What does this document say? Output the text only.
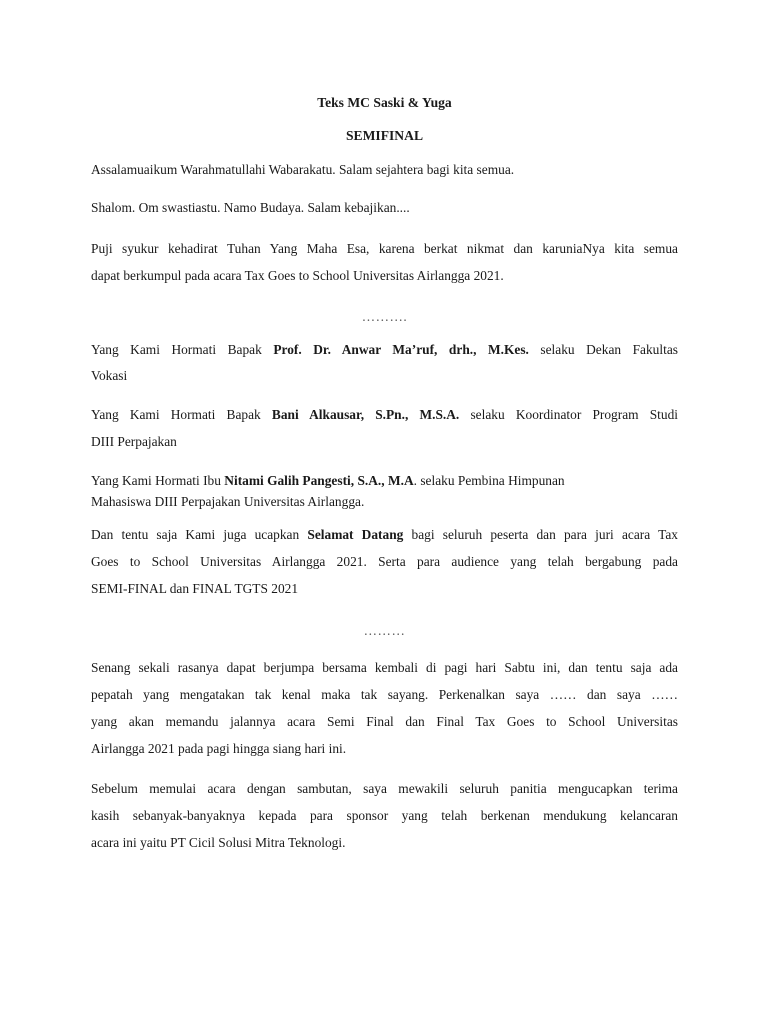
Teks MC Saski & Yuga
SEMIFINAL
Assalamuaikum Warahmatullahi Wabarakatu. Salam sejahtera bagi kita semua.
Shalom. Om swastiastu. Namo Budaya. Salam kebajikan....
Puji syukur kehadirat Tuhan Yang Maha Esa, karena berkat nikmat dan karuniaNya kita semua
dapat berkumpul pada acara Tax Goes to School Universitas Airlangga 2021.
……….
Yang Kami Hormati Bapak Prof. Dr. Anwar Ma’ruf, drh., M.Kes. selaku Dekan Fakultas
Vokasi
Yang Kami Hormati Bapak Bani Alkausar, S.Pn., M.S.A. selaku Koordinator Program Studi
DIII Perpajakan
Yang Kami Hormati Ibu Nitami Galih Pangesti, S.A., M.A. selaku Pembina Himpunan
Mahasiswa DIII Perpajakan Universitas Airlangga.
Dan tentu saja Kami juga ucapkan Selamat Datang bagi seluruh peserta dan para juri acara Tax
Goes to School Universitas Airlangga 2021. Serta para audience yang telah bergabung pada
SEMI-FINAL dan FINAL TGTS 2021
………
Senang sekali rasanya dapat berjumpa bersama kembali di pagi hari Sabtu ini, dan tentu saja ada
pepatah yang mengatakan tak kenal maka tak sayang. Perkenalkan saya …… dan saya ……
yang akan memandu jalannya acara Semi Final dan Final Tax Goes to School Universitas
Airlangga 2021 pada pagi hingga siang hari ini.
Sebelum memulai acara dengan sambutan, saya mewakili seluruh panitia mengucapkan terima
kasih sebanyak-banyaknya kepada para sponsor yang telah berkenan mendukung kelancaran
acara ini yaitu PT Cicil Solusi Mitra Teknologi.
